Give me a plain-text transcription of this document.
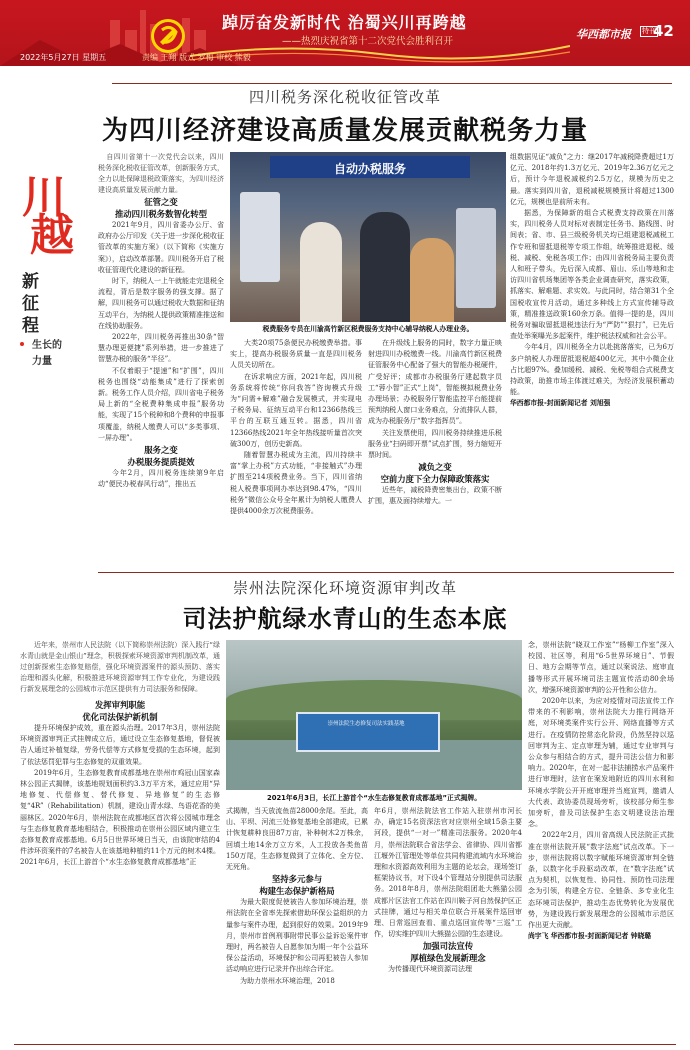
踔厉奋发新时代 治蜀兴川再跨越
——热烈庆祝省第十二次党代会胜利召开
2022年5月27日 星期五	责编 王翔 版式 罗梅 审校 熊毅
华西都市报 特刊
42
川
越
新
征
程
生长的
力量
四川税务深化税收征管改革
为四川经济建设高质量发展贡献税务力量

自四川省第十一次党代会以来，四川税务深化税收征管改革，创新服务方式，全力以赴保障退税政策落实，为四川经济建设高质量发展贡献力量。

征管之变
推动四川税务数智化转型

2021年9月，四川省委办公厅、省政府办公厅印发《关于进一步深化税收征管改革的实施方案》（以下简称《实施方案》），启动改革部署。四川税务开启了税收征管现代化建设的新征程。

时下，纳税人一上午就能走完退税全流程，背后是数字服务的强支撑。据了解，四川税务可以通过税收大数据和征纳互动平台，为纳税人提供政策精准推送和在线协助服务。

2022年，四川税务再推出30条“智慧办理更便捷”系列举措，进一步推进了智慧办税的服务“半径”。

不仅着眼于“提速”和“扩围”，四川税务也围绕“动能集成”进行了探索创新。税务工作人员介绍，四川省电子税务局上新的“全税费种集成申报”服务功能，实现了15个税种和8个费种的申报事项覆盖，纳税人缴费人可以“多类事项、一屏办理”。

服务之变
办税服务提质提效

今年2月，四川税务连续第9年启动“便民办税春风行动”，推出五

自动办税服务
税费服务专员在川渝高竹新区税费服务支持中心辅导纳税人办理业务。

大类20项75条便民办税缴费举措。事实上，提高办税服务质量一直是四川税务人员关切所在。

在诉求响应方面，2021年起，四川税务系统将传统“你问我答”咨询模式升级为“问需+解难”融合发展模式，并实现电子税务局、征纳互动平台和12366热线三平台的互联互通互转。据悉，四川省12366热线2021年全年热线接听量首次突破300万，创历史新高。

随着智慧办税成为主流，四川持续丰富“掌上办税”方式功能，“非接触式”办理扩围至214项税费业务。当下，四川省纳税人税费事项网办率达到98.47%，“四川税务”微信公众号全年累计为纳税人缴费人提供4000余万次税费服务。

在升级线上服务的同时，数字力量正映射进四川办税缴费一线。川渝高竹新区税费征管服务中心配备了强大的智能办税硬件，广受好评；成都市办税服务厅建起数字员工“蓉小智”正式“上岗”，智能模拟税费业务办理场景；办税服务厅智能监控平台能提前预判纳税人窗口业务难点，分流排队人群，成为办税服务厅“数字指挥员”。

关注发票使用，四川税务持续推进乐税服务业“扫码即开票”试点扩围，努力缩短开票时间。

减负之变
空前力度下全力保障政策落实

近些年，减税降费密集出台，政策不断扩围，惠及面持续增大。一

组数据见证“减负”之力：继2017年减税降费超过1万亿元、2018年约1.3万亿元、2019年2.36万亿元之后，预计今年退税减税约2.5万亿，规模为历史之最。落实到四川省，退税减税规模预计将超过1300亿元，规模也是前所未有。

据悉，为保障新的组合式税费支持政策在川落实，四川税务人员对标对表制定任务书、路线图、时间表；省、市、县三级税务机关均已组建退税减税工作专班和留抵退税等专项工作组，统筹推进退税、缓税、减税、免税各项工作；由四川省税务局主要负责人和班子带头，先后深入成都、眉山、乐山等地和走访四川省机场集团等各类企业调查研究，落实政策，抓落实、解难题、求实效。与此同时，结合第31个全国税收宣传月活动，通过多种线上方式宣传辅导政策，精准推送政策160余万条。值得一提的是，四川税务对骗取留抵退税违法行为“严防”“狠打”，已先后查处举案曝光多起案件，维护税法权威和社会公平。

今年4月，四川税务全力以赴挑落落实，已为6万多户纳税人办理留抵退税超400亿元，其中小微企业占比超97%。叠加缓税、减税、免税等组合式税费支持政策，助推市场主体渡过难关，为经济发展积蓄动能。

华西都市报-封面新闻记者 刘旭强

崇州法院深化环境资源审判改革
司法护航绿水青山的生态本底

近年来，崇州市人民法院（以下简称崇州法院）深入践行“绿水青山就是金山银山”理念，积极探索环境资源审判机制改革，通过创新探索生态修复赔偿，强化环境资源案件的源头预防、落实治理和源头化解，积极推进环境资源审判工作专业化，为建设践行新发展理念的公园城市示范区提供有力司法服务和保障。

发挥审判职能
优化司法保护新机制

提升环境保护成效，重在源头治理。2017年3月，崇州法院环境资源审判正式挂牌成立后，通过设立生态修复基地，督促被告人通过补植复绿，劳务代偿等方式修复受损的生态环境，起到了依法惩罚犯罪与生态修复的双重效果。

2019年6月，生态修复教育成都基地在崇州市鸡冠山国家森林公园正式揭牌，该基地规划面积约3.3万平方米，通过应用“异地修复、代偿修复、替代修复、异地修复”的生态修复“4R”（Rehabilitation）机制，建设山青水绿、鸟语花香的美丽林区。2020年6月，崇州法院在成都地区首次将公园城市理念与生态修复教育基地相结合，积极推动在崇州公园区域内建立生态修复教育成都基地。6月5日世界环境日当天，由该院审结的4件涉环资案件的7名被告人在该基地种植约11个万元的树木4棵。2021年6月，长江上游首个“水生态修复教育成都基地”正

崇州法院生态修复司法实践基地
2021年6月3日，长江上游首个“水生态修复教育成都基地”正式揭牌。

式揭牌，当天放流鱼苗28000余尾。至此，高山、平坝、河流三处修复基地全部建成，已累计恢复耕种良田87万亩，补种树木2万株余，回填土地14余万立方米，人工投放各类鱼苗150万尾，生态修复做到了立体化、全方位、无死角。

坚持多元参与
构建生态保护新格局

为最大限度促使被告人参加环境治理，崇州法院在全省率先探索借助环保公益组织的力量参与案件办理，起到很好的效果。2019年9月，崇州市首例刑事附带民事公益诉讼案件审理时，两名被告人自愿参加为期一年个公益环保公益活动，环境保护和公司再犯被告人参加活动响应进行记录并作出综合评定。

为助力崇州水环境治理，2018

年6月，崇州法院法官工作站入驻崇州市河长办，确定15名资深法官对应崇州全域15条主要河段，提供“一对一”精准司法服务。2020年4月，崇州法院联合省法学会、省律协、四川省都江堰外江管理处等单位共同构建流域内水环境治理和水资源高效利用为主题的论坛会，现场签订框架协议书，对下设4个管理站分别提供司法服务。2018年8月，崇州法院组团赴大熊猫公园成都片区法官工作站在四川鞍子河自然保护区正式挂牌，通过与相关单位联合开展案件巡回审理、日常巡回查看、重点巡回宣传等“三巡”工作，切实维护四川大熊猫公园的生态建设。

加强司法宣传
厚植绿色发展新理念

为传播现代环境资源司法理

念，崇州法院“晓双工作室”“杨柳工作室”深入校园、社区等，利用“6·5世界环境日”、节假日、地方会期等节点，通过以案说法、庭审直播等形式开展环境司法主题宣传活动80余场次，增强环境资源审判的公开性和公信力。

2020年以来，为应对疫情对司法宣传工作带来的不利影响，崇州法院大力推行网络开庭，对环境类案件实行公开、网络直播等方式进行。在疫情防控常态化阶段，仍然坚持以巡回审判为主、定点审理为辅，通过专业审判与公众参与相结合的方式，提升司法公信力和影响力。2020年，在对一起非法捕捞水产品案件进行审理时，法官在案发地附近的四川水利和环境水学院公开开庭审理并当庭宣判，邀请人大代表、政协委员现场旁听，该校部分师生参加旁听，普及司法保护生态文明建设法治理念。

2022年2月，四川省高级人民法院正式批准在崇州法院开展“数字法庭”试点改革。下一步，崇州法院将以数字赋能环境资源审判全链条，以数字化手段驱动改革，在“数字法庭”试点为契机，以恢复性、协同性、预防性司法理念为引领，构建全方位、全链条、多专业化生态环境司法保护，推动生态优势转化为发展优势，为建设践行新发展理念的公园城市示范区作出更大贡献。

尚宇飞 华西都市报-封面新闻记者 钟晓璐
